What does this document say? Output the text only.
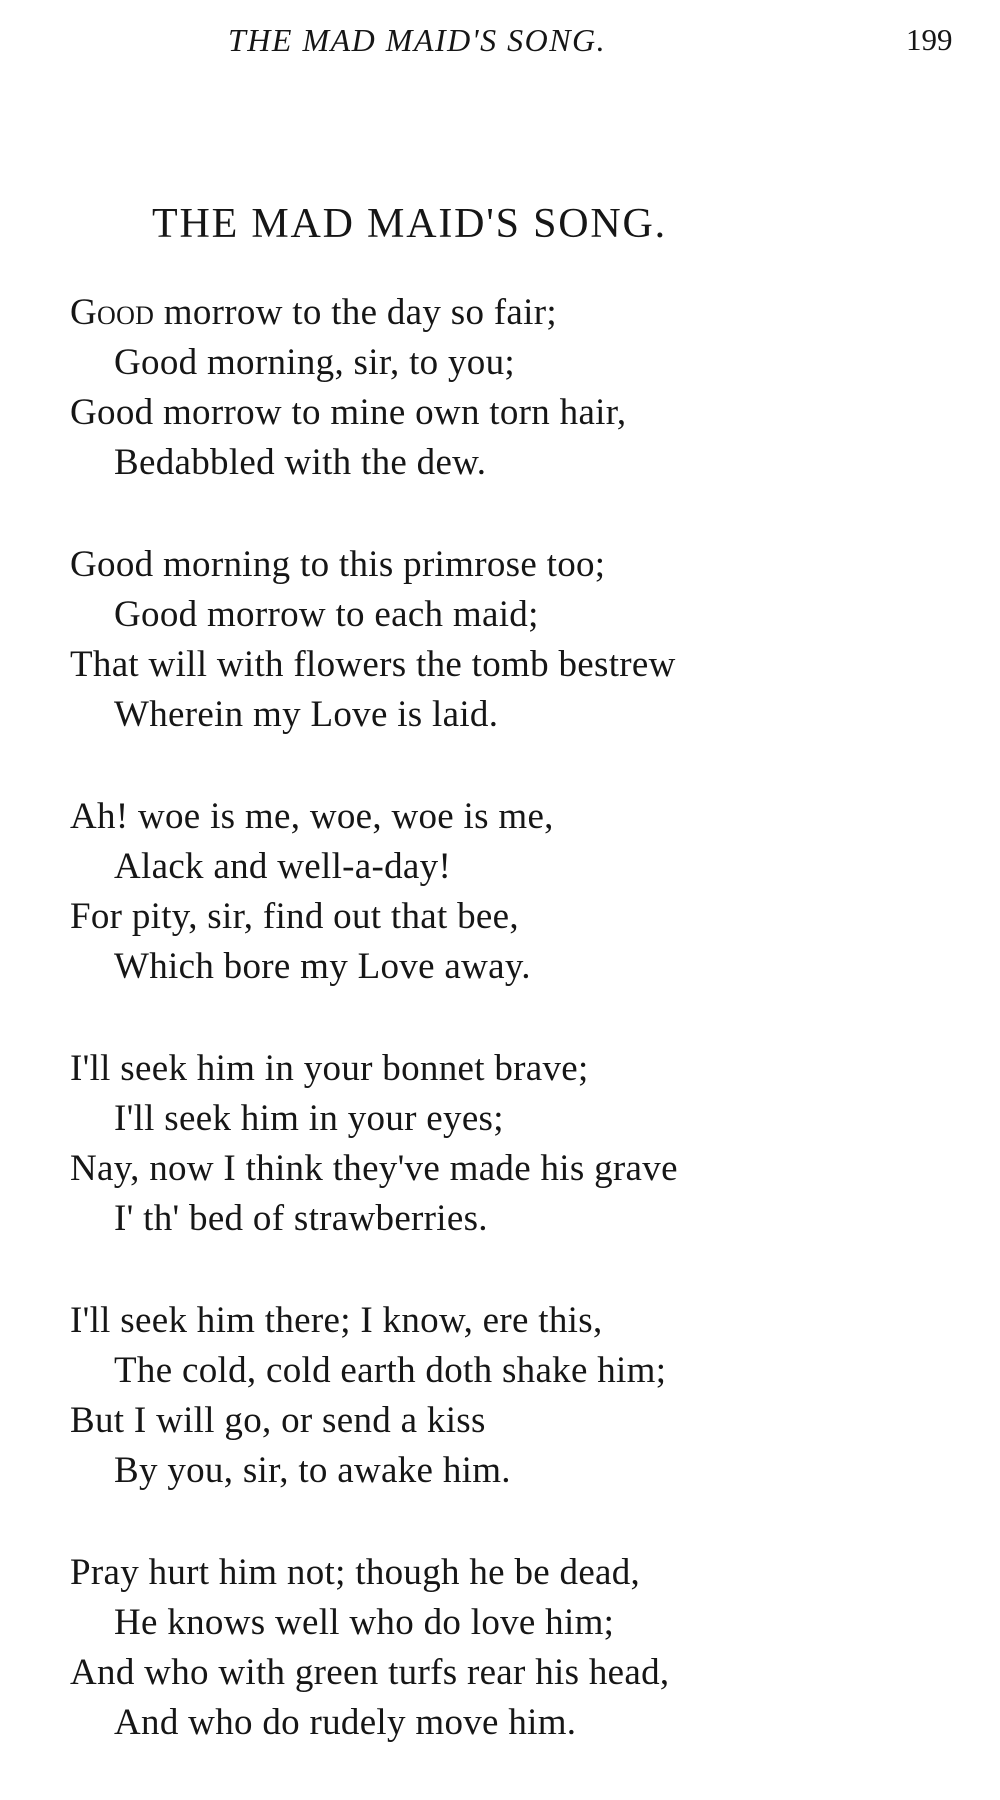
THE MAD MAID'S SONG.	199
THE MAD MAID'S SONG.
Good morrow to the day so fair;
Good morning, sir, to you;
Good morrow to mine own torn hair,
Bedabbled with the dew.
Good morning to this primrose too;
Good morrow to each maid;
That will with flowers the tomb bestrew
Wherein my Love is laid.
Ah! woe is me, woe, woe is me,
Alack and well-a-day!
For pity, sir, find out that bee,
Which bore my Love away.
I'll seek him in your bonnet brave;
I'll seek him in your eyes;
Nay, now I think they've made his grave
I' th' bed of strawberries.
I'll seek him there; I know, ere this,
The cold, cold earth doth shake him;
But I will go, or send a kiss
By you, sir, to awake him.
Pray hurt him not; though he be dead,
He knows well who do love him;
And who with green turfs rear his head,
And who do rudely move him.
